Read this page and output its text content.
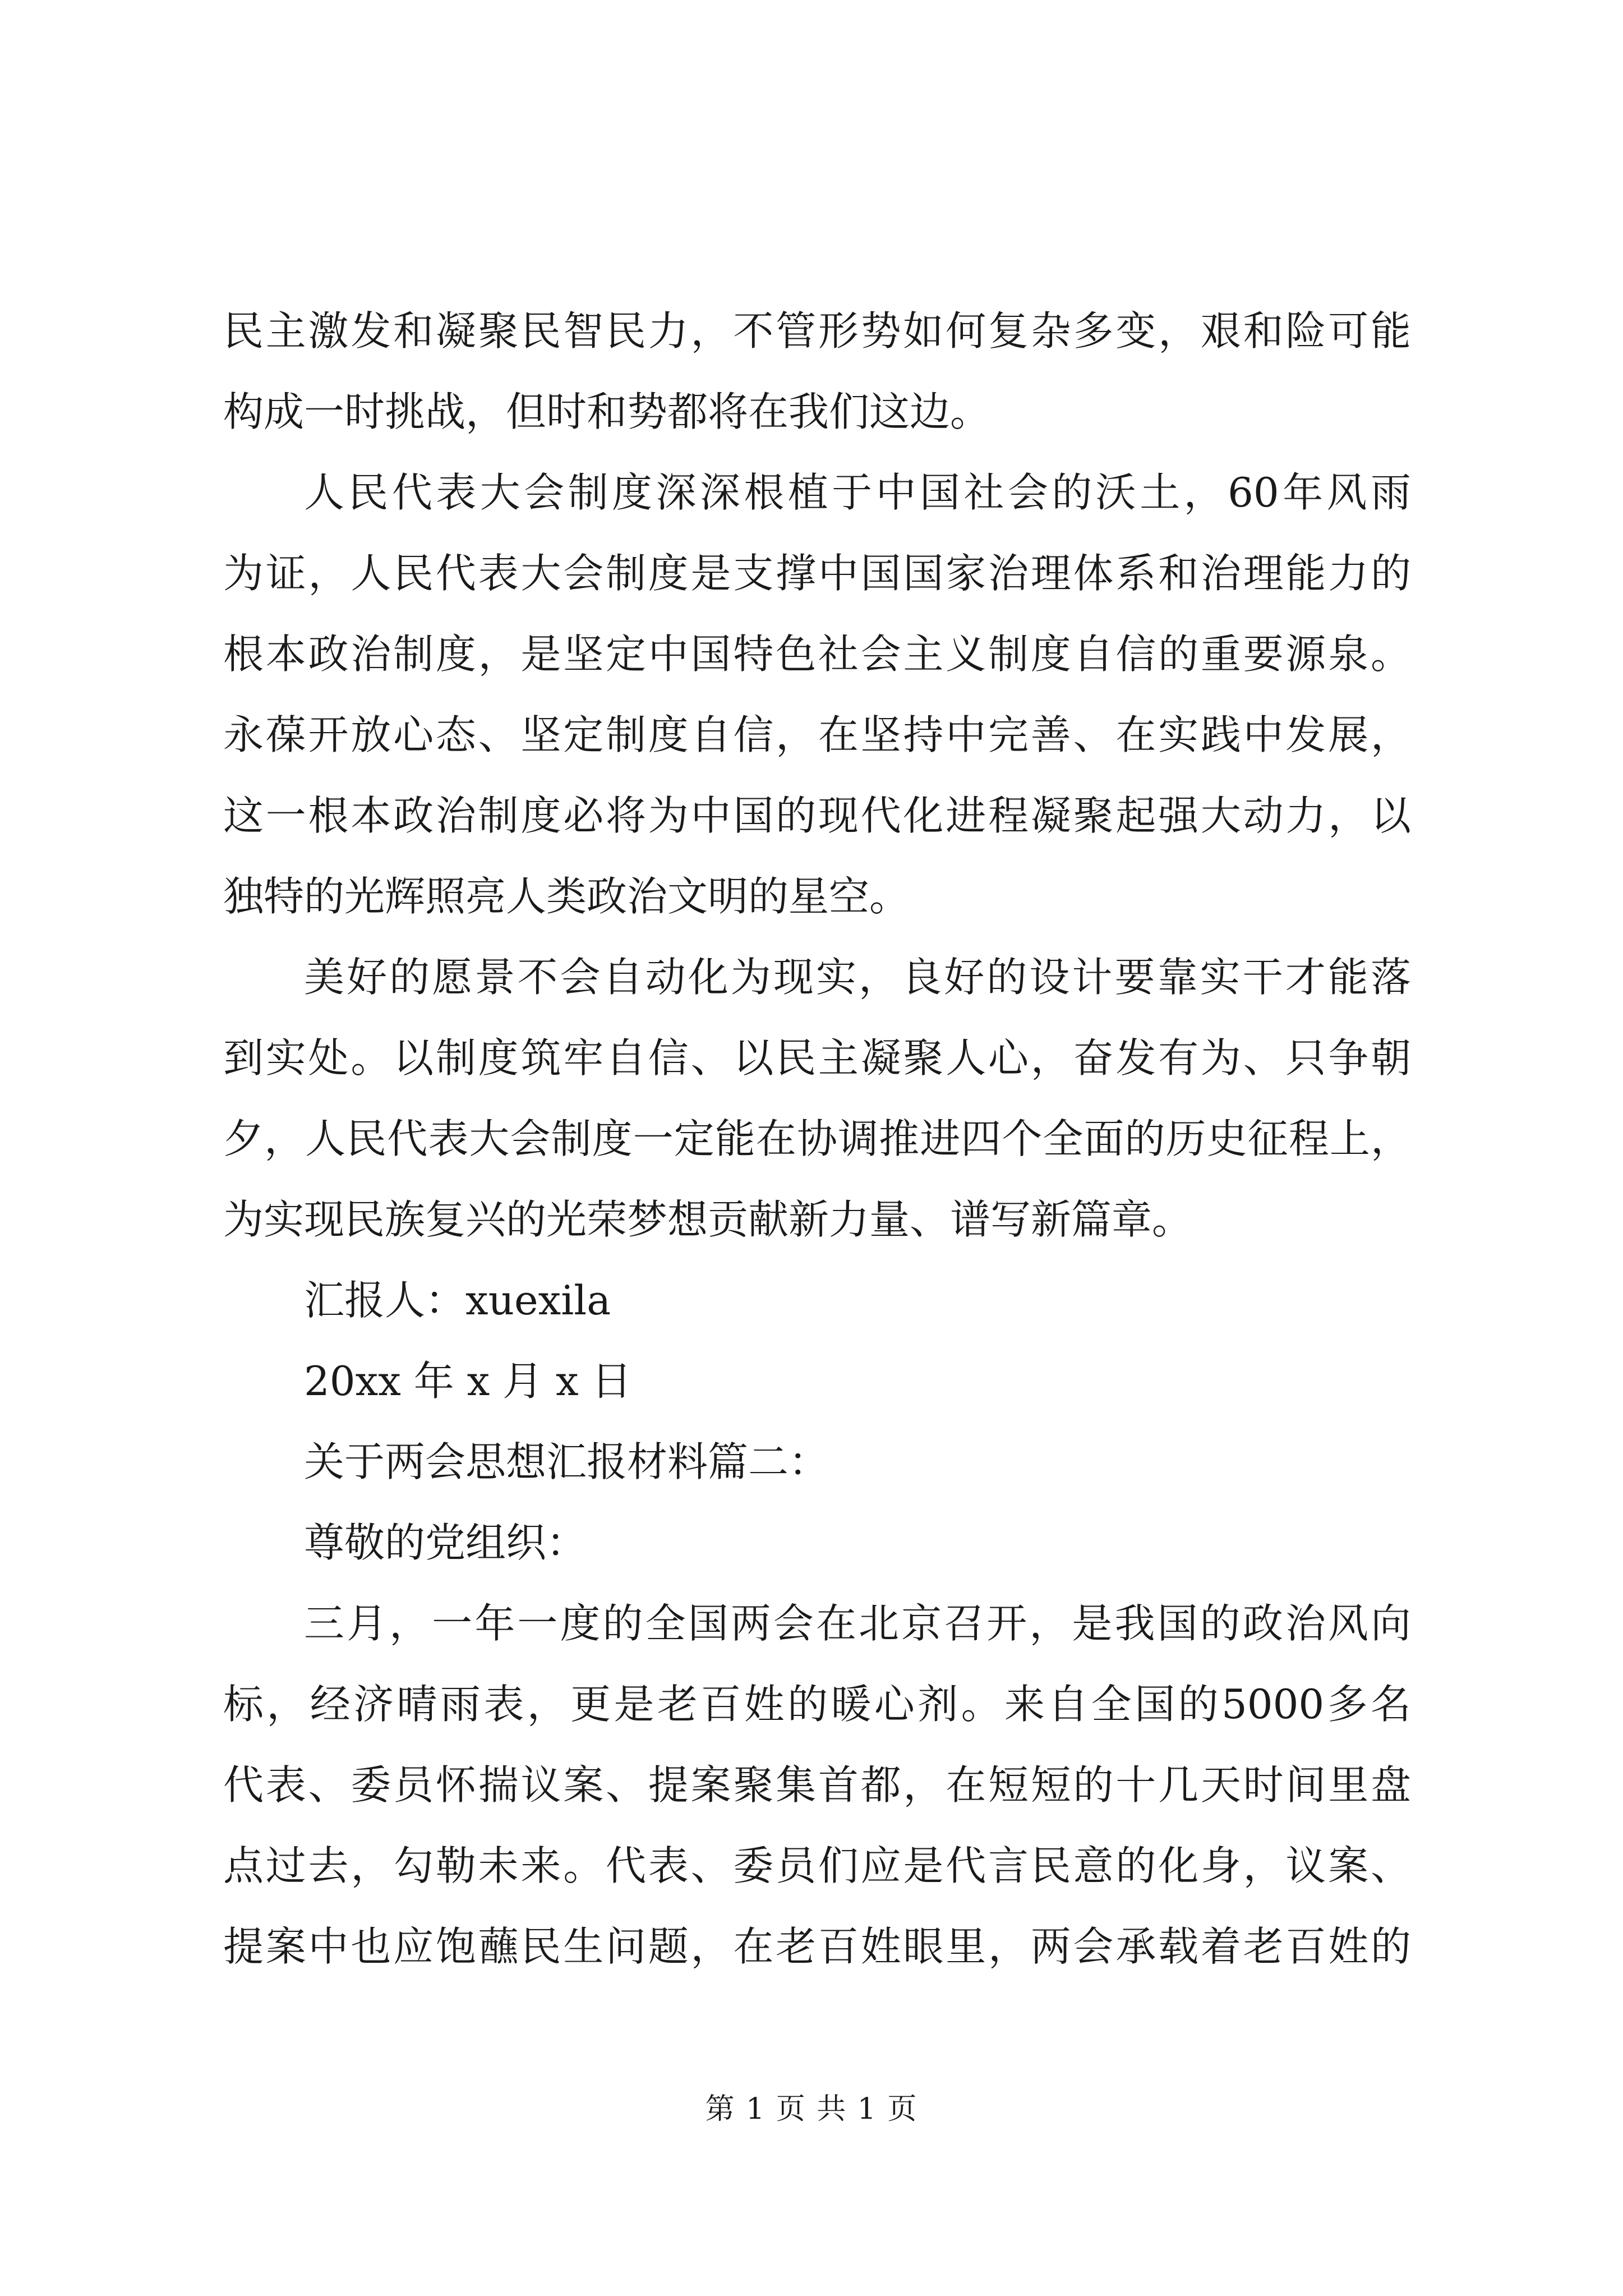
民主激发和凝聚民智民力，不管形势如何复杂多变，艰和险可能
构成一时挑战，但时和势都将在我们这边。
人民代表大会制度深深根植于中国社会的沃土，60年风雨
为证，人民代表大会制度是支撑中国国家治理体系和治理能力的
根本政治制度，是坚定中国特色社会主义制度自信的重要源泉。
永葆开放心态、坚定制度自信，在坚持中完善、在实践中发展，
这一根本政治制度必将为中国的现代化进程凝聚起强大动力，以
独特的光辉照亮人类政治文明的星空。
美好的愿景不会自动化为现实，良好的设计要靠实干才能落
到实处。以制度筑牢自信、以民主凝聚人心，奋发有为、只争朝
夕，人民代表大会制度一定能在协调推进四个全面的历史征程上，
为实现民族复兴的光荣梦想贡献新力量、谱写新篇章。
汇报人：xuexila
20xx 年 x 月 x 日
关于两会思想汇报材料篇二：
尊敬的党组织：
三月，一年一度的全国两会在北京召开，是我国的政治风向
标，经济晴雨表，更是老百姓的暖心剂。来自全国的5000多名
代表、委员怀揣议案、提案聚集首都，在短短的十几天时间里盘
点过去，勾勒未来。代表、委员们应是代言民意的化身，议案、
提案中也应饱蘸民生问题，在老百姓眼里，两会承载着老百姓的
第 1 页 共 1 页
